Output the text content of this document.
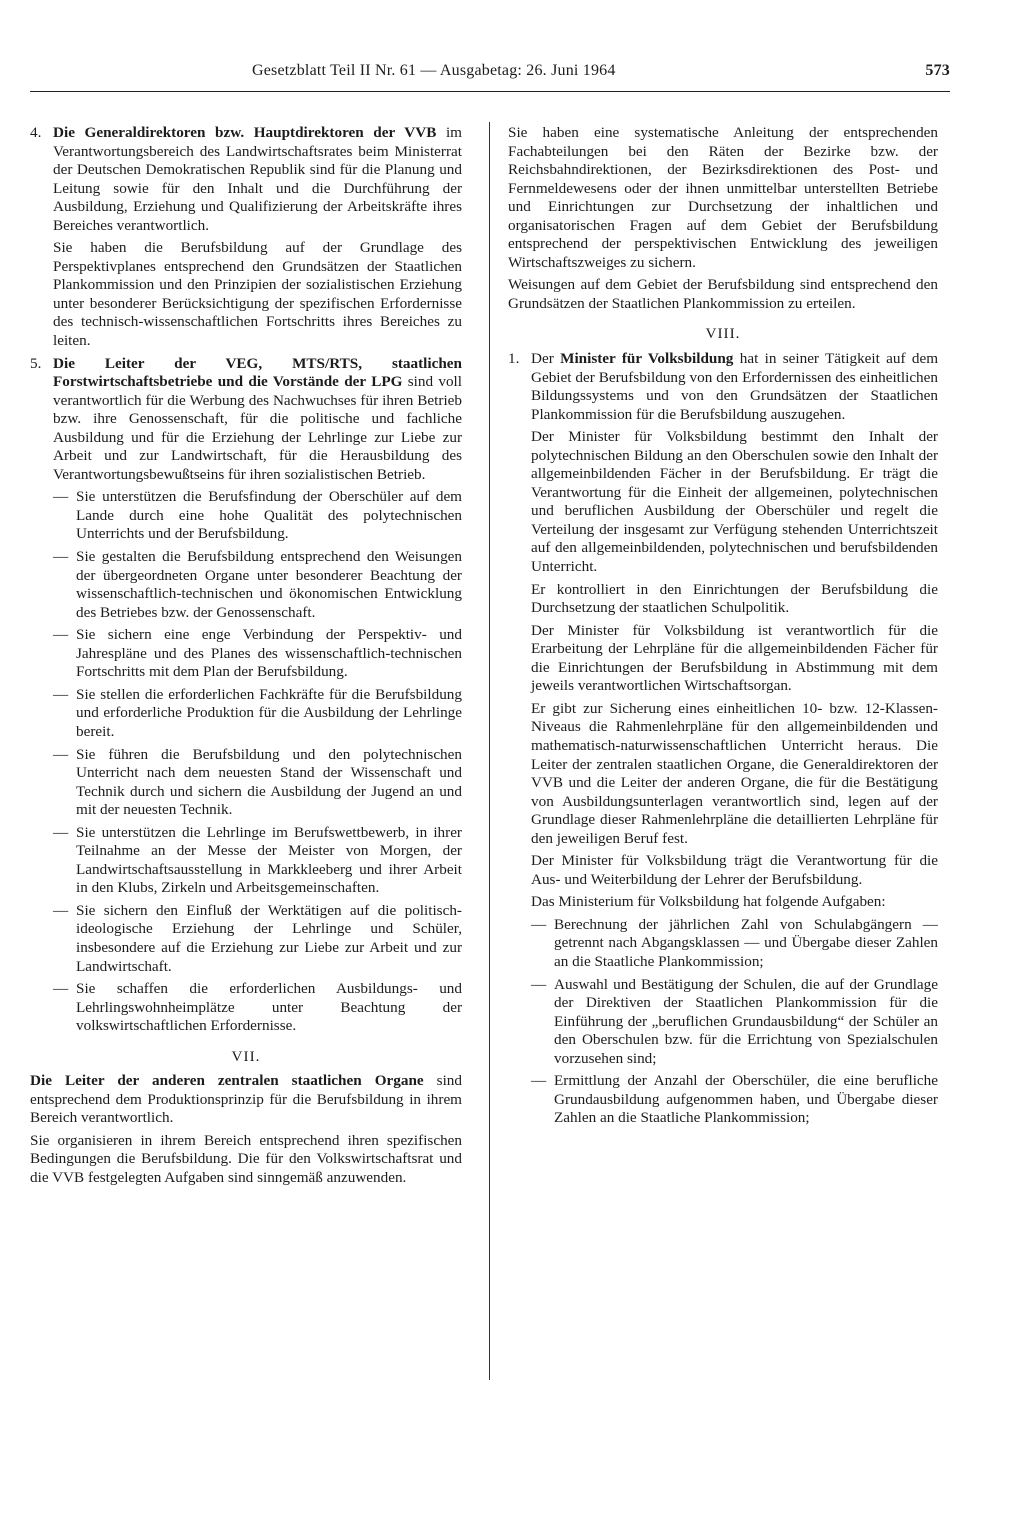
Gesetzblatt Teil II Nr. 61 — Ausgabetag: 26. Juni 1964	573

4. Die Generaldirektoren bzw. Hauptdirektoren der VVB im Verantwortungsbereich des Landwirtschaftsrates beim Ministerrat der Deutschen Demokratischen Republik sind für die Planung und Leitung sowie für den Inhalt und die Durchführung der Ausbildung, Erziehung und Qualifizierung der Arbeitskräfte ihres Bereiches verantwortlich.

Sie haben die Berufsbildung auf der Grundlage des Perspektivplanes entsprechend den Grundsätzen der Staatlichen Plankommission und den Prinzipien der sozialistischen Erziehung unter besonderer Berücksichtigung der spezifischen Erfordernisse des technisch-wissenschaftlichen Fortschritts ihres Bereiches zu leiten.

5. Die Leiter der VEG, MTS/RTS, staatlichen Forstwirtschaftsbetriebe und die Vorstände der LPG sind voll verantwortlich für die Werbung des Nachwuchses für ihren Betrieb bzw. ihre Genossenschaft, für die politische und fachliche Ausbildung und für die Erziehung der Lehrlinge zur Liebe zur Arbeit und zur Landwirtschaft, für die Herausbildung des Verantwortungsbewußtseins für ihren sozialistischen Betrieb.

— Sie unterstützen die Berufsfindung der Oberschüler auf dem Lande durch eine hohe Qualität des polytechnischen Unterrichts und der Berufsbildung.

— Sie gestalten die Berufsbildung entsprechend den Weisungen der übergeordneten Organe unter besonderer Beachtung der wissenschaftlich-technischen und ökonomischen Entwicklung des Betriebes bzw. der Genossenschaft.

— Sie sichern eine enge Verbindung der Perspektiv- und Jahrespläne und des Planes des wissenschaftlich-technischen Fortschritts mit dem Plan der Berufsbildung.

— Sie stellen die erforderlichen Fachkräfte für die Berufsbildung und erforderliche Produktion für die Ausbildung der Lehrlinge bereit.

— Sie führen die Berufsbildung und den polytechnischen Unterricht nach dem neuesten Stand der Wissenschaft und Technik durch und sichern die Ausbildung der Jugend an und mit der neuesten Technik.

— Sie unterstützen die Lehrlinge im Berufswettbewerb, in ihrer Teilnahme an der Messe der Meister von Morgen, der Landwirtschaftsausstellung in Markkleeberg und ihrer Arbeit in den Klubs, Zirkeln und Arbeitsgemeinschaften.

— Sie sichern den Einfluß der Werktätigen auf die politisch-ideologische Erziehung der Lehrlinge und Schüler, insbesondere auf die Erziehung zur Liebe zur Arbeit und zur Landwirtschaft.

— Sie schaffen die erforderlichen Ausbildungs- und Lehrlingswohnheimplätze unter Beachtung der volkswirtschaftlichen Erfordernisse.

VII.

Die Leiter der anderen zentralen staatlichen Organe sind entsprechend dem Produktionsprinzip für die Berufsbildung in ihrem Bereich verantwortlich.

Sie organisieren in ihrem Bereich entsprechend ihren spezifischen Bedingungen die Berufsbildung. Die für den Volkswirtschaftsrat und die VVB festgelegten Aufgaben sind sinngemäß anzuwenden.

Sie haben eine systematische Anleitung der entsprechenden Fachabteilungen bei den Räten der Bezirke bzw. der Reichsbahndirektionen, der Bezirksdirektionen des Post- und Fernmeldewesens oder der ihnen unmittelbar unterstellten Betriebe und Einrichtungen zur Durchsetzung der inhaltlichen und organisatorischen Fragen auf dem Gebiet der Berufsbildung entsprechend der perspektivischen Entwicklung des jeweiligen Wirtschaftszweiges zu sichern.

Weisungen auf dem Gebiet der Berufsbildung sind entsprechend den Grundsätzen der Staatlichen Plankommission zu erteilen.

VIII.

1. Der Minister für Volksbildung hat in seiner Tätigkeit auf dem Gebiet der Berufsbildung von den Erfordernissen des einheitlichen Bildungssystems und von den Grundsätzen der Staatlichen Plankommission für die Berufsbildung auszugehen.

Der Minister für Volksbildung bestimmt den Inhalt der polytechnischen Bildung an den Oberschulen sowie den Inhalt der allgemeinbildenden Fächer in der Berufsbildung. Er trägt die Verantwortung für die Einheit der allgemeinen, polytechnischen und beruflichen Ausbildung der Oberschüler und regelt die Verteilung der insgesamt zur Verfügung stehenden Unterrichtszeit auf den allgemeinbildenden, polytechnischen und berufsbildenden Unterricht.

Er kontrolliert in den Einrichtungen der Berufsbildung die Durchsetzung der staatlichen Schulpolitik.

Der Minister für Volksbildung ist verantwortlich für die Erarbeitung der Lehrpläne für die allgemeinbildenden Fächer für die Einrichtungen der Berufsbildung in Abstimmung mit dem jeweils verantwortlichen Wirtschaftsorgan.

Er gibt zur Sicherung eines einheitlichen 10- bzw. 12-Klassen-Niveaus die Rahmenlehrpläne für den allgemeinbildenden und mathematisch-naturwissenschaftlichen Unterricht heraus. Die Leiter der zentralen staatlichen Organe, die Generaldirektoren der VVB und die Leiter der anderen Organe, die für die Bestätigung von Ausbildungsunterlagen verantwortlich sind, legen auf der Grundlage dieser Rahmenlehrpläne die detaillierten Lehrpläne für den jeweiligen Beruf fest.

Der Minister für Volksbildung trägt die Verantwortung für die Aus- und Weiterbildung der Lehrer der Berufsbildung.

Das Ministerium für Volksbildung hat folgende Aufgaben:

— Berechnung der jährlichen Zahl von Schulabgängern — getrennt nach Abgangsklassen — und Übergabe dieser Zahlen an die Staatliche Plankommission;

— Auswahl und Bestätigung der Schulen, die auf der Grundlage der Direktiven der Staatlichen Plankommission für die Einführung der „beruflichen Grundausbildung“ der Schüler an den Oberschulen bzw. für die Errichtung von Spezialschulen vorzusehen sind;

— Ermittlung der Anzahl der Oberschüler, die eine berufliche Grundausbildung aufgenommen haben, und Übergabe dieser Zahlen an die Staatliche Plankommission;
